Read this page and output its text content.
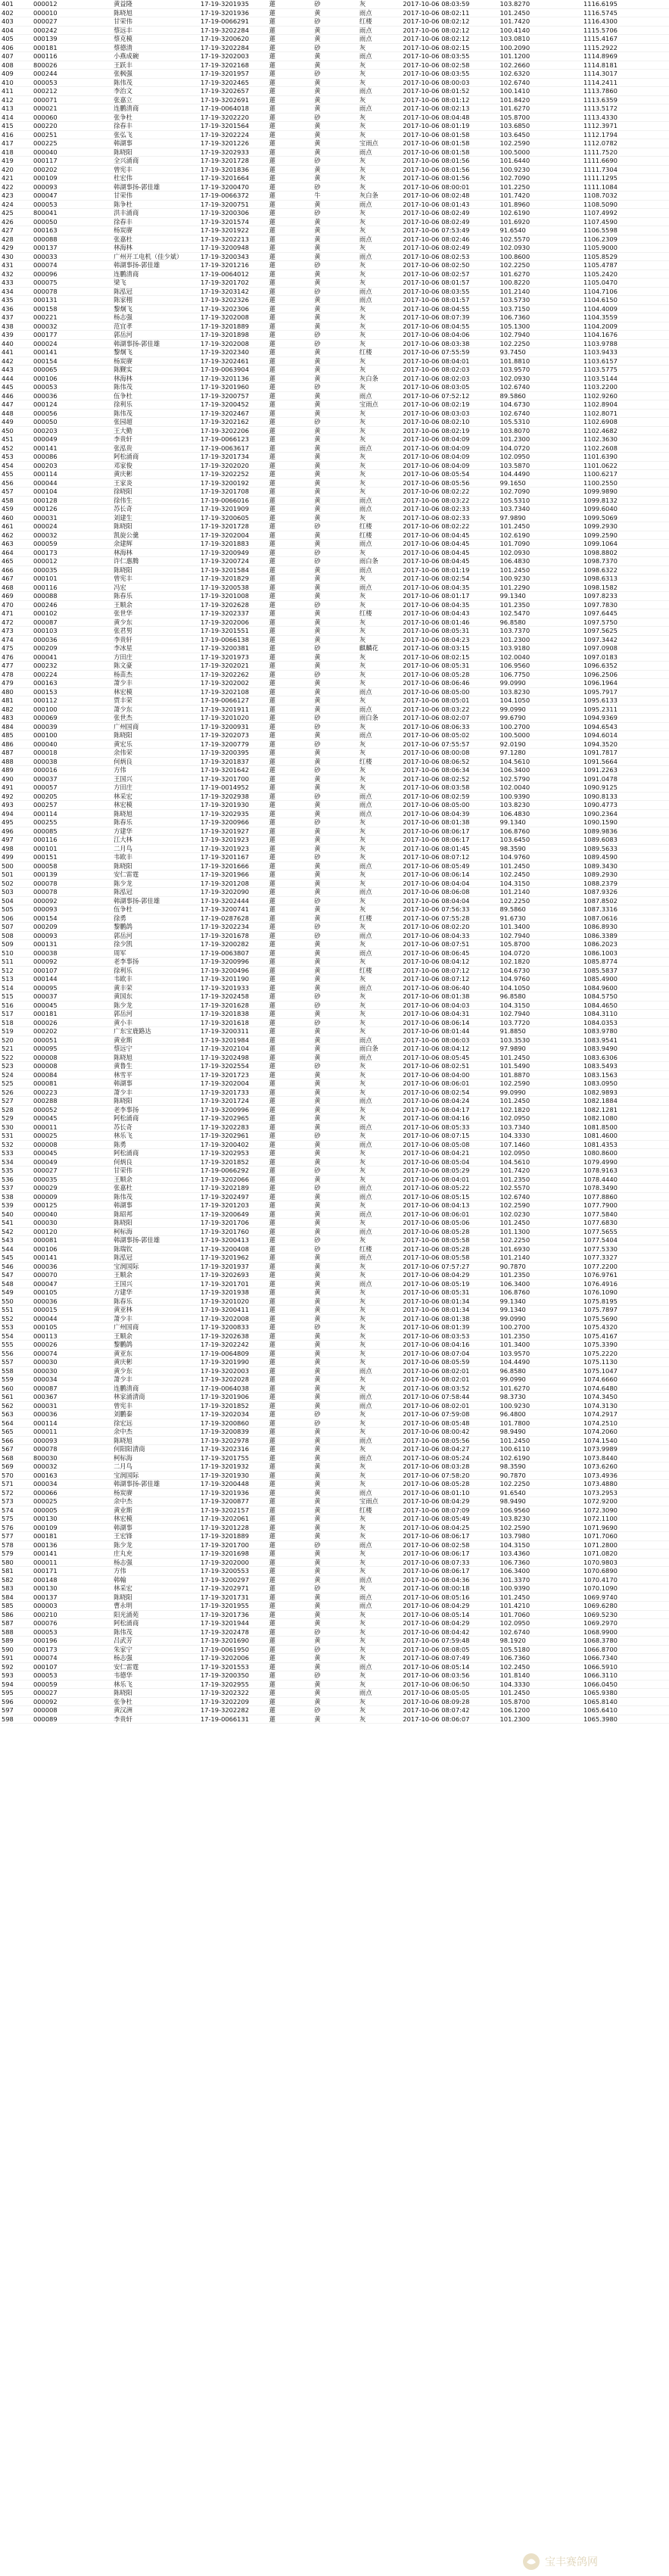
401	000012	黄益隆	17-19-3201935	蓮	砂	灰	2017-10-06 08:03:59	103.8270	1116.6195
402	000010	陈晓旭	17-19-3201936	蓮	黄	雨点	2017-10-06 08:02:11	101.2450	1116.5745
403	000027	甘荣伟	17-19-0066291	蓮	砂	红楼	2017-10-06 08:02:12	101.7420	1116.4300
404	000242	蔡远丰	17-19-3202284	蓮	黄	雨点	2017-10-06 08:02:12	100.4140	1115.5706
405	000139	蔡克模	17-19-3200620	蓮	黄	雨点	2017-10-06 08:02:12	103.0810	1115.4167
406	000181	蔡德清	17-19-3202284	蓮	砂	灰	2017-10-06 08:02:15	100.2090	1115.2922
407	000116	小燕成碗	17-19-3202003	蓮	黄	雨点	2017-10-06 08:03:55	101.1200	1114.8969
408	800026	王跃丰	17-19-3202168	蓮	黄	灰	2017-10-06 08:02:58	102.2660	1114.8181
409	000244	张枫强	17-19-3201957	蓮	砂	灰	2017-10-06 08:03:55	102.6320	1114.3017
410	000053	陈伟茂	17-19-3202465	蓮	黄	灰	2017-10-06 08:00:03	102.6740	1114.2411
411	000212	李治文	17-19-3202657	蓮	黄	雨点	2017-10-06 08:01:52	100.1410	1113.7860
412	000071	张嘉立	17-19-3202691	蓮	黄	灰	2017-10-06 08:01:12	101.8420	1113.6359
413	000021	连鹏清商	17-19-0064018	蓮	黄	雨点	2017-10-06 08:02:13	101.6270	1113.5172
414	000060	张争杜	17-19-3202220	蓮	砂	灰	2017-10-06 08:04:48	105.8700	1113.4330
415	000220	徐春丰	17-19-3201564	蓮	黄	灰	2017-10-06 08:01:19	103.6850	1112.3971
416	000251	张弘飞	17-19-3202224	蓮	黄	灰	2017-10-06 08:01:58	103.6450	1112.1794
417	000225	韩湖事	17-19-3201226	蓮	黄	宝雨点	2017-10-06 08:01:58	102.2590	1112.0782
418	000040	陈晓阳	17-19-3202933	蓮	黄	雨点	2017-10-06 08:01:58	100.5000	1111.7520
419	000117	全兴涌商	17-19-3201728	蓮	砂	灰	2017-10-06 08:01:56	101.6440	1111.6690
420	000202	曾宪丰	17-19-3201836	蓮	黄	灰	2017-10-06 08:01:56	100.9230	1111.7304
421	000109	杜宏伟	17-19-3201664	蓮	黄	灰	2017-10-06 08:01:56	102.7090	1111.1295
422	000093	韩湖事扬-郭佳雄	17-19-3200470	蓮	砂	灰	2017-10-06 08:00:01	101.2250	1111.1084
423	000047	甘荣伟	17-19-0066372	蓮	牛	灰白条	2017-10-06 08:02:48	101.7420	1108.7032
424	000053	陈争杜	17-19-3200751	蓮	黄	雨点	2017-10-06 08:01:43	101.8960	1108.5090
425	800041	洪丰涌商	17-19-3200306	蓮	砂	灰	2017-10-06 08:02:49	102.6190	1107.4992
426	000050	徐春丰	17-19-3201574	蓮	黄	灰	2017-10-06 08:02:49	101.6920	1107.4590
427	000163	杨炭赓	17-19-3201922	蓮	黄	灰	2017-10-06 07:53:49	91.6540	1106.5598
428	000088	张嘉杜	17-19-3202213	蓮	黄	雨点	2017-10-06 08:02:46	102.5570	1106.2309
429	000137	林海林	17-19-3200948	蓮	黄	灰	2017-10-06 08:02:49	102.0930	1105.9000
430	000033	广州开工电机（佳少斌）	17-19-3200343	蓮	黄	雨点	2017-10-06 08:02:53	100.8600	1105.8529
431	000074	韩湖事扬-郭佳雄	17-19-3201216	蓮	砂	灰	2017-10-06 08:02:50	102.2250	1105.4787
432	000096	连鹏清商	17-19-0064012	蓮	黄	灰	2017-10-06 08:02:57	101.6270	1105.2420
433	000075	梁飞	17-19-3201702	蓮	黄	灰	2017-10-06 08:01:57	100.8220	1105.0470
434	000078	陈泓冠	17-19-3203142	蓮	砂	雨点	2017-10-06 08:03:55	101.2140	1104.7106
435	000131	陈家栩	17-19-3202326	蓮	黄	雨点	2017-10-06 08:01:57	103.5730	1104.6150
436	000158	黎炯飞	17-19-3202306	蓮	黄	灰	2017-10-06 08:04:55	103.7150	1104.4009
437	000221	杨志强	17-19-3202008	蓮	黄	灰	2017-10-06 08:07:39	106.7360	1104.3559
438	000032	范宜孝	17-19-3201889	蓮	黄	灰	2017-10-06 08:04:55	105.1300	1104.2009
439	000177	郭岳河	17-19-3201898	蓮	砂	灰	2017-10-06 08:04:06	102.7940	1104.1676
440	000024	韩湖事扬-郭佳雄	17-19-3202008	蓮	砂	灰	2017-10-06 08:03:38	102.2250	1103.9788
441	000141	黎炯飞	17-19-3202340	蓮	黄	红楼	2017-10-06 07:55:59	93.7450	1103.9433
442	000154	杨炭赓	17-19-3202461	蓮	黄	灰	2017-10-06 08:04:01	101.8810	1103.6157
443	000065	陈觐实	17-19-0063904	蓮	黄	灰	2017-10-06 08:02:03	103.9570	1103.5775
444	000106	林海林	17-19-3201136	蓮	黄	灰白条	2017-10-06 08:02:03	102.0930	1103.5144
445	000053	陈伟茂	17-19-3201960	蓮	砂	灰	2017-10-06 08:03:05	102.6740	1103.2200
446	000036	伍争杜	17-19-3200757	蓮	黄	雨点	2017-10-06 07:52:12	89.5860	1102.9260
447	000124	徐利乐	17-19-3200452	蓮	黄	宝雨点	2017-10-06 08:02:19	104.6730	1102.8904
448	000056	陈伟茂	17-19-3202467	蓮	黄	灰	2017-10-06 08:03:03	102.6740	1102.8071
449	000050	张园超	17-19-3202162	蓮	砂	灰	2017-10-06 08:02:10	105.5310	1102.6908
450	000203	王大勤	17-19-3202206	蓮	黄	灰	2017-10-06 08:02:19	103.8070	1102.4682
451	000049	李贵轩	17-19-0066123	蓮	黄	灰	2017-10-06 08:04:09	101.2300	1102.3630
452	000141	张泓贵	17-19-0063617	蓮	黄	雨点	2017-10-06 08:04:09	104.0720	1102.2608
453	000086	阿松涌商	17-19-3201734	蓮	黄	灰	2017-10-06 08:04:09	102.0950	1101.6390
454	000203	邓家俊	17-19-3202020	蓮	黄	灰	2017-10-06 08:04:09	103.5870	1101.0622
455	000114	黄庆彬	17-19-3202252	蓮	黄	灰	2017-10-06 08:05:54	104.4490	1100.6217
456	000044	王家炎	17-19-3200192	蓮	黄	灰	2017-10-06 08:05:56	99.1650	1100.2550
457	000104	徐晓阳	17-19-3201708	蓮	黄	灰	2017-10-06 08:02:22	102.7090	1099.9890
458	000128	徐伟生	17-19-0066016	蓮	黄	雨点	2017-10-06 08:03:22	105.5310	1099.8132
459	000126	苏长奇	17-19-3201909	蓮	黄	雨点	2017-10-06 08:02:33	103.7340	1099.6040
460	000031	刘建生	17-19-3200605	蓮	黄	灰	2017-10-06 08:02:33	97.9890	1099.5069
461	000024	陈晓阳	17-19-3201728	蓮	砂	红楼	2017-10-06 08:02:22	101.2450	1099.2930
462	000032	凯旋公羹	17-19-3202004	蓮	黄	红楼	2017-10-06 08:04:45	102.6190	1099.2590
463	000059	余建辉	17-19-3201883	蓮	黄	雨点	2017-10-06 08:04:45	101.7090	1099.1064
464	000173	林海林	17-19-3200949	蓮	砂	灰	2017-10-06 08:04:45	102.0930	1098.8802
465	000012	许仁惠腾	17-19-3200724	蓮	砂	雨白条	2017-10-06 08:04:45	106.4830	1098.7370
466	000035	陈晓阳	17-19-3201584	蓮	黄	雨点	2017-10-06 08:01:19	101.2450	1098.6322
467	000101	曾宪丰	17-19-3201829	蓮	黄	灰	2017-10-06 08:02:54	100.9230	1098.6313
468	000116	冯宏	17-19-3200538	蓮	黄	雨点	2017-10-06 08:04:35	101.2290	1098.1582
469	000088	陈春乐	17-19-3201008	蓮	黄	灰	2017-10-06 08:01:17	99.1340	1097.8233
470	000246	王顺余	17-19-3202628	蓮	砂	灰	2017-10-06 08:04:35	101.2350	1097.7830
471	000102	张世华	17-19-3202337	蓮	黄	红楼	2017-10-06 08:04:43	102.5470	1097.6445
472	000087	黄少东	17-19-3202006	蓮	黄	灰	2017-10-06 08:01:46	96.8580	1097.5750
473	000103	张君男	17-19-3201551	蓮	黄	灰	2017-10-06 08:05:31	103.7370	1097.5625
474	000036	李贵轩	17-19-0066138	蓮	黄	灰	2017-10-06 08:04:23	101.2300	1097.3442
475	000209	李冰星	17-19-3200381	蓮	砂	麒麟花	2017-10-06 08:03:15	103.9180	1097.0908
476	000041	方田庄	17-19-3201973	蓮	黄	灰	2017-10-06 08:02:15	102.0040	1097.0183
477	000232	陈文豪	17-19-3202021	蓮	黄	灰	2017-10-06 08:05:31	106.9560	1096.6352
478	000224	杨苗杰	17-19-3202262	蓮	砂	灰	2017-10-06 08:05:28	106.7750	1096.2506
479	000163	萧少丰	17-19-3202002	蓮	黄	灰	2017-10-06 08:06:46	99.0990	1096.1964
480	000153	林宏模	17-19-3202108	蓮	黄	雨点	2017-10-06 08:05:00	103.8230	1095.7917
481	000112	贾丰荣	17-19-0066127	蓮	黄	灰	2017-10-06 08:05:01	104.1050	1095.6133
482	000100	萧少东	17-19-3201911	蓮	黄	雨点	2017-10-06 08:03:22	99.0990	1095.2311
483	000069	张世杰	17-19-3201020	蓮	砂	雨白条	2017-10-06 08:02:07	99.6790	1094.9369
484	000039	广州国商	17-19-3200931	蓮	砂	灰	2017-10-06 08:06:33	100.2700	1094.6543
485	000100	陈晓阳	17-19-3202073	蓮	黄	雨点	2017-10-06 08:05:02	100.5000	1094.6014
486	000040	黄宏乐	17-19-3200779	蓮	砂	灰	2017-10-06 07:55:57	92.0190	1094.3520
487	000018	余伟荣	17-19-3200395	蓮	黄	灰	2017-10-06 08:00:08	97.1280	1091.7817
488	000038	何炳良	17-19-3201837	蓮	黄	红楼	2017-10-06 08:06:52	104.5610	1091.5664
489	000016	方伟	17-19-3201642	蓮	砂	灰	2017-10-06 08:06:34	106.3400	1091.2263
490	000037	王国兴	17-19-3201700	蓮	黄	灰	2017-10-06 08:02:52	102.5790	1091.0478
491	000057	方田庄	17-19-0014952	蓮	黄	灰	2017-10-06 08:03:58	102.0040	1090.9125
492	000205	林采宏	17-19-3202938	蓮	砂	雨点	2017-10-06 08:02:59	100.9390	1090.8133
493	000257	林宏模	17-19-3201930	蓮	黄	雨点	2017-10-06 08:05:00	103.8230	1090.4773
494	000114	陈晓旭	17-19-3202935	蓮	黄	雨点	2017-10-06 08:04:39	106.4830	1090.2364
495	000255	陈春乐	17-19-3200966	蓮	砂	灰	2017-10-06 08:01:38	99.1340	1090.1590
496	000085	方建华	17-19-3201927	蓮	黄	灰	2017-10-06 08:06:17	106.8760	1089.9836
497	000116	江大林	17-19-3201923	蓮	黄	灰	2017-10-06 08:06:17	103.6450	1089.6083
498	000101	二月鸟	17-19-3201923	蓮	黄	灰	2017-10-06 08:01:45	98.3590	1089.5633
499	000151	韦欧丰	17-19-3201167	蓮	砂	灰	2017-10-06 08:07:12	104.9760	1089.4590
500	000058	陈晓阳	17-19-3201666	蓮	黄	雨点	2017-10-06 08:05:49	101.2450	1089.3430
501	000139	安仁雷霆	17-19-3201966	蓮	黄	灰	2017-10-06 08:06:14	102.2450	1089.2930
502	000078	陈少龙	17-19-3201208	蓮	黄	灰	2017-10-06 08:04:04	104.3150	1088.2379
503	000078	陈泓冠	17-19-3202090	蓮	黄	雨点	2017-10-06 08:06:08	101.2140	1087.9326
504	000092	韩湖事扬-郭佳雄	17-19-3202444	蓮	砂	灰	2017-10-06 08:04:04	102.2250	1087.8502
505	000093	伍争杜	17-19-3200741	蓮	黄	灰	2017-10-06 07:56:33	89.5860	1087.3316
506	000154	徐勇	17-19-0287628	蓮	黄	红楼	2017-10-06 07:55:28	91.6730	1087.0616
507	000209	黎鹏鸽	17-19-3202234	蓮	砂	灰	2017-10-06 08:02:20	101.3400	1086.8930
508	000093	郭岳河	17-19-3201678	蓮	砂	雨点	2017-10-06 08:04:33	102.7940	1086.3389
509	000131	徐少凯	17-19-3200282	蓮	黄	灰	2017-10-06 08:07:51	105.8700	1086.2023
510	000038	周军	17-19-0063807	蓮	黄	雨点	2017-10-06 08:06:45	104.0720	1086.1003
511	000092	老李事扬	17-19-3200996	蓮	黄	灰	2017-10-06 08:04:12	102.1820	1085.8774
512	000107	徐利乐	17-19-3200496	蓮	黄	红楼	2017-10-06 08:07:12	104.6730	1085.5837
513	000144	韦欧丰	17-19-3201190	蓮	黄	灰	2017-10-06 08:07:12	104.9760	1085.4900
514	000095	黄丰荣	17-19-3201933	蓮	黄	雨点	2017-10-06 08:06:40	104.1050	1084.9600
515	000037	黄国东	17-19-3202458	蓮	砂	灰	2017-10-06 08:01:38	96.8580	1084.5750
516	000045	陈少龙	17-19-3201628	蓮	砂	灰	2017-10-06 08:04:03	104.3150	1084.4650
517	000181	郭岳河	17-19-3201838	蓮	黄	灰	2017-10-06 08:04:31	102.7940	1084.3110
518	000026	黄小丰	17-19-3201618	蓮	砂	灰	2017-10-06 08:06:14	103.7720	1084.0353
519	000202	广东宝鹿路达	17-19-3200311	蓮	黄	灰	2017-10-06 08:01:44	91.8850	1083.9780
520	000051	黄业斯	17-19-3201984	蓮	黄	雨点	2017-10-06 08:06:03	103.3530	1083.9541
521	000095	蔡远宁	17-19-3202104	蓮	黄	雨白条	2017-10-06 08:04:12	97.9890	1083.9490
522	000008	陈晓旭	17-19-3202498	蓮	黄	雨点	2017-10-06 08:05:45	101.2450	1083.6306
523	000008	黄鲁生	17-19-3202554	蓮	砂	灰	2017-10-06 08:02:51	101.5490	1083.5493
524	000084	林雪平	17-19-3201723	蓮	黄	灰	2017-10-06 08:04:00	101.8870	1083.1563
525	000081	韩湖事	17-19-3202004	蓮	黄	灰	2017-10-06 08:06:01	102.2590	1083.0950
526	000223	萧少丰	17-19-3201733	蓮	黄	灰	2017-10-06 08:02:54	99.0990	1082.9893
527	000288	陈晓阳	17-19-3201724	蓮	黄	雨点	2017-10-06 08:04:24	101.2450	1082.1884
528	000052	老李事扬	17-19-3200996	蓮	黄	灰	2017-10-06 08:04:17	102.1820	1082.1281
529	000045	阿松涌商	17-19-3202965	蓮	黄	灰	2017-10-06 08:04:16	102.0950	1082.1080
530	000011	苏长奇	17-19-3202283	蓮	黄	雨点	2017-10-06 08:05:33	103.7340	1081.8500
531	000025	林乐飞	17-19-3202961	蓮	砂	灰	2017-10-06 08:07:15	104.3330	1081.4600
532	000008	陈勇	17-19-3200402	蓮	黄	雨点	2017-10-06 08:05:08	107.1460	1081.4353
533	000045	阿松涌商	17-19-3202953	蓮	黄	灰	2017-10-06 08:04:21	102.0950	1080.8600
534	000049	何炳良	17-19-3201852	蓮	黄	灰	2017-10-06 08:05:04	104.5610	1079.4990
535	000027	甘荣伟	17-19-0066292	蓮	砂	灰	2017-10-06 08:05:29	101.7420	1078.9163
536	000035	王顺余	17-19-3202066	蓮	黄	灰	2017-10-06 08:04:01	101.2350	1078.4440
537	000029	张嘉杜	17-19-3202189	蓮	砂	雨点	2017-10-06 08:05:22	102.5570	1078.3490
538	000009	陈伟茂	17-19-3202497	蓮	黄	雨点	2017-10-06 08:05:15	102.6740	1077.8860
539	000125	韩湖事	17-19-3201203	蓮	黄	灰	2017-10-06 08:04:13	102.2590	1077.7900
540	000040	陈昭邦	17-19-3200649	蓮	黄	雨点	2017-10-06 08:06:01	102.0230	1077.5840
541	000030	陈晓阳	17-19-3201706	蓮	黄	灰	2017-10-06 08:05:06	101.2450	1077.6830
542	000120	柯标海	17-19-3201760	蓮	黄	雨点	2017-10-06 08:05:28	101.1300	1077.5655
543	000081	韩湖事扬-郭佳雄	17-19-3200413	蓮	砂	灰	2017-10-06 08:05:58	102.2250	1077.5404
544	000106	陈瑞钦	17-19-3200408	蓮	砂	红楼	2017-10-06 08:05:28	101.6930	1077.5330
545	000141	陈泓冠	17-19-3201962	蓮	黄	雨点	2017-10-06 08:05:58	101.2140	1077.3327
546	000036	宝润国际	17-19-3201937	蓮	黄	灰	2017-10-06 07:57:27	90.7870	1077.2200
547	000070	王顺余	17-19-3202693	蓮	黄	灰	2017-10-06 08:04:29	101.2350	1076.9761
548	000047	王国兴	17-19-3201701	蓮	黄	雨点	2017-10-06 08:05:19	106.3400	1076.4916
549	000105	方建华	17-19-3201938	蓮	黄	灰	2017-10-06 08:05:31	106.8760	1076.1090
550	000036	陈春乐	17-19-3201020	蓮	黄	灰	2017-10-06 08:01:34	99.1340	1075.8195
551	000015	黄亚林	17-19-3200411	蓮	黄	灰	2017-10-06 08:01:34	99.1340	1075.7897
552	000044	萧少丰	17-19-3202008	蓮	黄	灰	2017-10-06 08:01:38	99.0990	1075.5690
553	000105	广州国商	17-19-3200833	蓮	砂	灰	2017-10-06 08:01:39	100.2700	1075.4320
554	000113	王顺余	17-19-3202638	蓮	黄	灰	2017-10-06 08:03:53	101.2350	1075.4167
555	000026	黎鹏鸽	17-19-3202242	蓮	黄	灰	2017-10-06 08:04:16	101.3400	1075.3390
556	000074	黄亚东	17-19-0064809	蓮	黄	灰	2017-10-06 08:07:04	103.9570	1075.2220
557	000030	黄庆彬	17-19-3201990	蓮	黄	灰	2017-10-06 08:05:59	104.4490	1075.1130
558	000030	黄少东	17-19-3202003	蓮	黄	雨点	2017-10-06 08:02:01	96.8580	1075.1047
559	000034	萧少丰	17-19-3202028	蓮	黄	灰	2017-10-06 08:02:01	99.0990	1074.6660
560	000087	连鹏清商	17-19-0064038	蓮	黄	灰	2017-10-06 08:03:52	101.6270	1074.6480
561	000367	林家涌清商	17-19-3201906	蓮	黄	雨点	2017-10-06 07:58:44	98.3730	1074.3450
562	000031	曾宪丰	17-19-3201852	蓮	黄	雨点	2017-10-06 08:02:01	100.9230	1074.3130
563	000036	刘鹏秦	17-19-3202034	蓮	砂	灰	2017-10-06 07:59:08	96.4800	1074.2917
564	000114	徐宏远	17-19-3200860	蓮	砂	灰	2017-10-06 08:05:48	101.7800	1074.2510
565	000011	余中杰	17-19-3200839	蓮	黄	灰	2017-10-06 08:00:42	98.9490	1074.2060
566	000093	陈晓旭	17-19-3202978	蓮	黄	雨点	2017-10-06 08:05:56	101.2450	1074.1540
567	000078	何阳阳清商	17-19-3202316	蓮	黄	灰	2017-10-06 08:04:27	100.6110	1073.9989
568	800030	柯标海	17-19-3201755	蓮	黄	雨点	2017-10-06 08:05:24	102.6190	1073.8440
569	000032	二月鸟	17-19-3201932	蓮	黄	灰	2017-10-06 08:03:28	98.3590	1073.6260
570	000163	宝润国际	17-19-3201930	蓮	黄	灰	2017-10-06 07:58:20	90.7870	1073.4936
571	000034	韩湖事扬-郭佳雄	17-19-3200448	蓮	黄	灰	2017-10-06 08:05:28	102.2250	1073.4880
572	000066	杨炭赓	17-19-3201936	蓮	黄	雨点	2017-10-06 08:01:10	91.6540	1073.2953
573	000025	余中杰	17-19-3200877	蓮	黄	宝雨点	2017-10-06 08:04:29	98.9490	1072.9200
574	000005	黄业斯	17-19-3202157	蓮	黄	红楼	2017-10-06 08:07:09	106.9560	1072.3090
575	000130	林宏模	17-19-3202061	蓮	黄	灰	2017-10-06 08:05:49	103.8230	1072.1100
576	000109	韩湖事	17-19-3201228	蓮	黄	灰	2017-10-06 08:04:25	102.2590	1071.9690
577	000181	王宏锋	17-19-3201889	蓮	黄	灰	2017-10-06 08:06:17	103.7980	1071.7060
578	000136	陈少龙	17-19-3201700	蓮	砂	雨点	2017-10-06 08:02:58	104.3150	1071.2800
579	000141	庄丸充	17-19-3201698	蓮	黄	灰	2017-10-06 08:06:17	103.4360	1071.0820
580	000011	杨志强	17-19-3202000	蓮	黄	灰	2017-10-06 08:07:33	106.7360	1070.9803
581	000171	方伟	17-19-3200553	蓮	黄	灰	2017-10-06 08:06:17	106.3400	1070.6890
582	000148	韩翰	17-19-3200297	蓮	黄	雨点	2017-10-06 08:04:36	101.3370	1070.4170
583	000130	林采宏	17-19-3202971	蓮	砂	灰	2017-10-06 08:00:18	100.9390	1070.1090
584	000137	陈晓阳	17-19-3201731	蓮	黄	雨点	2017-10-06 08:05:16	101.2450	1069.9740
585	000003	曹永明	17-19-3201955	蓮	黄	雨点	2017-10-06 08:04:29	101.4210	1069.6280
586	000210	阳光涌苑	17-19-3201736	蓮	黄	灰	2017-10-06 08:05:14	101.7060	1069.5230
587	000076	阿松涌商	17-19-3201944	蓮	黄	灰	2017-10-06 08:04:29	102.0950	1069.2970
588	000053	陈伟茂	17-19-3202478	蓮	砂	灰	2017-10-06 08:04:42	102.6740	1068.9900
589	000196	吕武芳	17-19-3201690	蓮	黄	灰	2017-10-06 07:59:48	98.1920	1068.3780
590	000173	朱家宁	17-19-0061950	蓮	砂	灰	2017-10-06 08:08:05	105.5180	1066.8700
591	000074	杨志强	17-19-3202006	蓮	黄	灰	2017-10-06 08:07:49	106.7360	1066.7340
592	000107	安仁雷霆	17-19-3201553	蓮	黄	雨点	2017-10-06 08:05:14	102.2450	1066.5910
593	000053	韦德华	17-19-3200350	蓮	砂	灰	2017-10-06 08:03:56	101.8140	1066.3110
594	000059	林乐飞	17-19-3202955	蓮	黄	灰	2017-10-06 08:06:50	104.3330	1066.0450
595	000027	陈晓阳	17-19-3202322	蓮	黄	雨点	2017-10-06 08:05:05	101.2450	1065.9380
596	000092	张争杜	17-19-3202209	蓮	黄	灰	2017-10-06 08:09:28	105.8700	1065.8140
597	000008	黄汉洲	17-19-3202282	蓮	砂	灰	2017-10-06 08:07:42	106.1200	1065.6410
598	000089	李贵轩	17-19-0066131	蓮	黄	灰	2017-10-06 08:06:07	101.2300	1065.3980
宝丰赛鸽网
